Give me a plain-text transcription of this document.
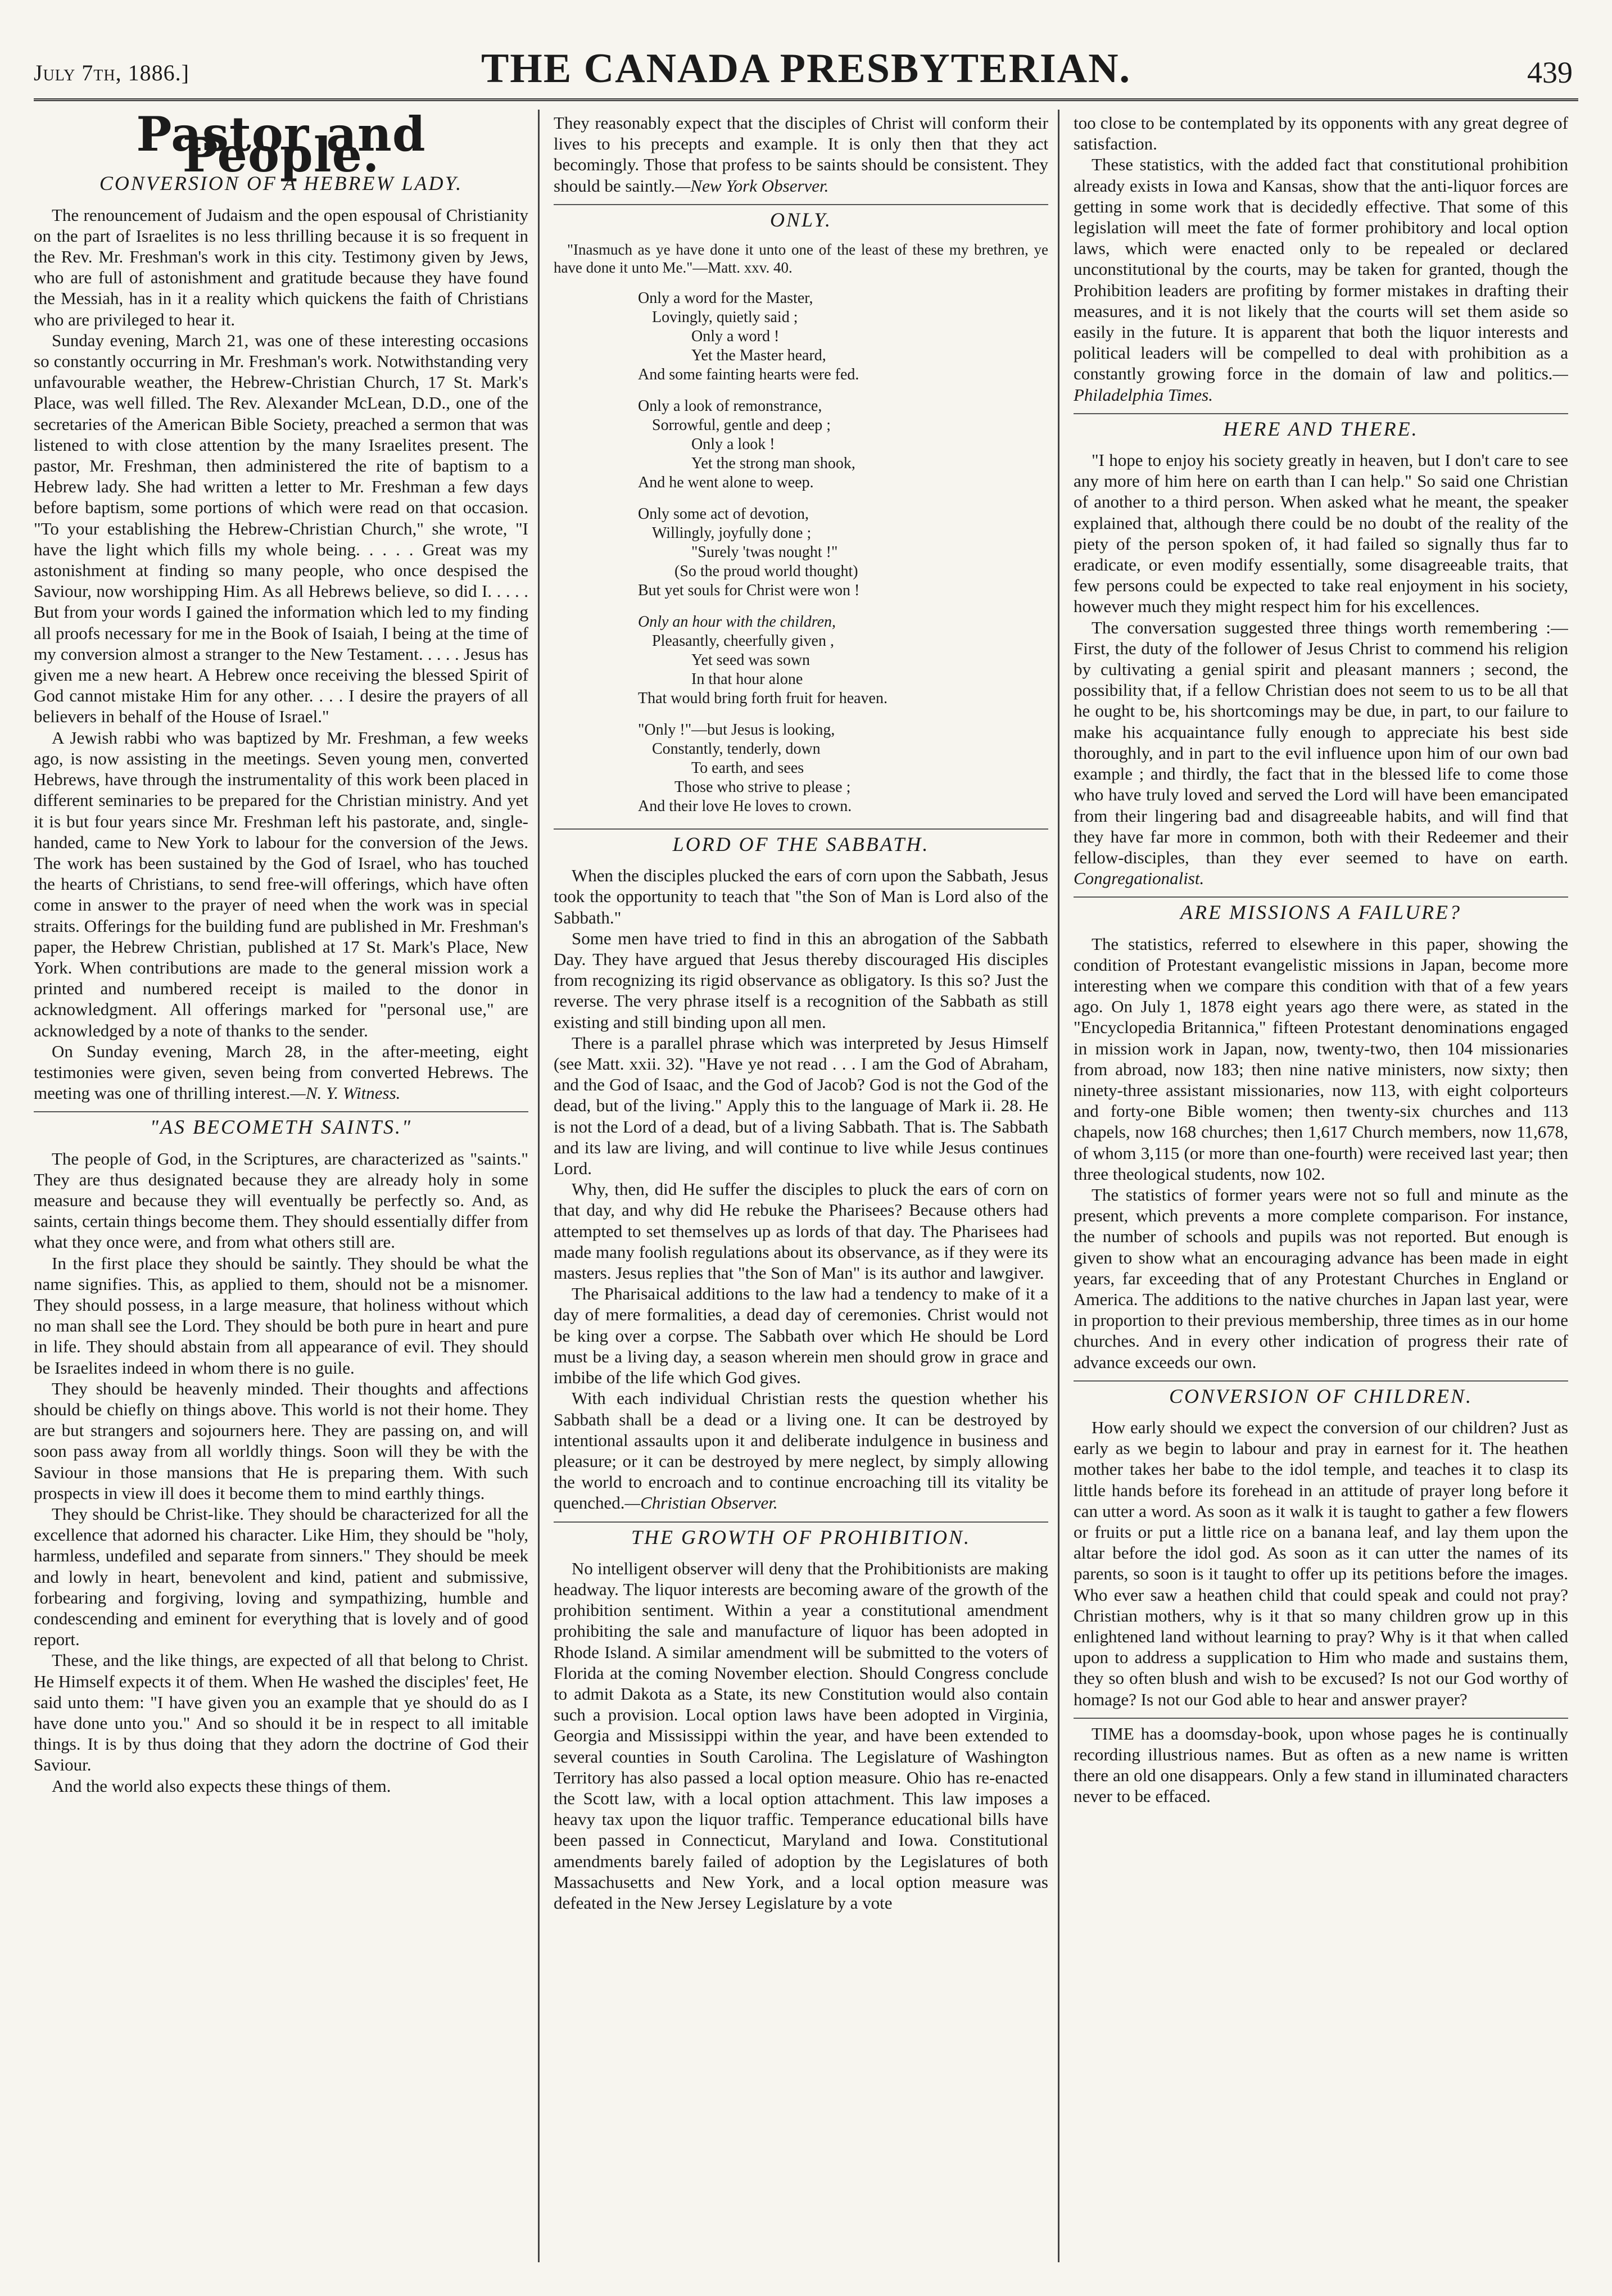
July 7th, 1886.]	THE CANADA PRESBYTERIAN.	439
Pastor and People.
CONVERSION OF A HEBREW LADY.

The renouncement of Judaism and the open espousal of Christianity on the part of Israelites is no less thrilling because it is so frequent in the Rev. Mr. Freshman's work in this city. Testimony given by Jews, who are full of astonishment and gratitude because they have found the Messiah, has in it a reality which quickens the faith of Christians who are privileged to hear it.

Sunday evening, March 21, was one of these interesting occasions so constantly occurring in Mr. Freshman's work. Notwithstanding very unfavourable weather, the Hebrew-Christian Church, 17 St. Mark's Place, was well filled. The Rev. Alexander McLean, D.D., one of the secretaries of the American Bible Society, preached a sermon that was listened to with close attention by the many Israelites present. The pastor, Mr. Freshman, then administered the rite of baptism to a Hebrew lady. She had written a letter to Mr. Freshman a few days before baptism, some portions of which were read on that occasion. "To your establishing the Hebrew-Christian Church," she wrote, "I have the light which fills my whole being. . . . . Great was my astonishment at finding so many people, who once despised the Saviour, now worshipping Him. As all Hebrews believe, so did I. . . . . But from your words I gained the information which led to my finding all proofs necessary for me in the Book of Isaiah, I being at the time of my conversion almost a stranger to the New Testament. . . . . Jesus has given me a new heart. A Hebrew once receiving the blessed Spirit of God cannot mistake Him for any other. . . . I desire the prayers of all believers in behalf of the House of Israel."

A Jewish rabbi who was baptized by Mr. Freshman, a few weeks ago, is now assisting in the meetings. Seven young men, converted Hebrews, have through the instrumentality of this work been placed in different seminaries to be prepared for the Christian ministry. And yet it is but four years since Mr. Freshman left his pastorate, and, single-handed, came to New York to labour for the conversion of the Jews. The work has been sustained by the God of Israel, who has touched the hearts of Christians, to send free-will offerings, which have often come in answer to the prayer of need when the work was in special straits. Offerings for the building fund are published in Mr. Freshman's paper, the Hebrew Christian, published at 17 St. Mark's Place, New York. When contributions are made to the general mission work a printed and numbered receipt is mailed to the donor in acknowledgment. All offerings marked for "personal use," are acknowledged by a note of thanks to the sender.

On Sunday evening, March 28, in the after-meeting, eight testimonies were given, seven being from converted Hebrews. The meeting was one of thrilling interest.—N. Y. Witness.

"AS BECOMETH SAINTS."

The people of God, in the Scriptures, are characterized as "saints." They are thus designated because they are already holy in some measure and because they will eventually be perfectly so. And, as saints, certain things become them. They should essentially differ from what they once were, and from what others still are.

In the first place they should be saintly. They should be what the name signifies. This, as applied to them, should not be a misnomer. They should possess, in a large measure, that holiness without which no man shall see the Lord. They should be both pure in heart and pure in life. They should abstain from all appearance of evil. They should be Israelites indeed in whom there is no guile.

They should be heavenly minded. Their thoughts and affections should be chiefly on things above. This world is not their home. They are but strangers and sojourners here. They are passing on, and will soon pass away from all worldly things. Soon will they be with the Saviour in those mansions that He is preparing them. With such prospects in view ill does it become them to mind earthly things.

They should be Christ-like. They should be characterized for all the excellence that adorned his character. Like Him, they should be "holy, harmless, undefiled and separate from sinners." They should be meek and lowly in heart, benevolent and kind, patient and submissive, forbearing and forgiving, loving and sympathizing, humble and condescending and eminent for everything that is lovely and of good report.

These, and the like things, are expected of all that belong to Christ. He Himself expects it of them. When He washed the disciples' feet, He said unto them: "I have given you an example that ye should do as I have done unto you." And so should it be in respect to all imitable things. It is by thus doing that they adorn the doctrine of God their Saviour.

And the world also expects these things of them.

They reasonably expect that the disciples of Christ will conform their lives to his precepts and example. It is only then that they act becomingly. Those that profess to be saints should be consistent. They should be saintly.—New York Observer.

ONLY.
"Inasmuch as ye have done it unto one of the least of these my brethren, ye have done it unto Me."—Matt. xxv. 40.
Only a word for the Master,
Lovingly, quietly said ;
Only a word !
Yet the Master heard,
And some fainting hearts were fed.
Only a look of remonstrance,
Sorrowful, gentle and deep ;
Only a look !
Yet the strong man shook,
And he went alone to weep.
Only some act of devotion,
Willingly, joyfully done ;
"Surely 'twas nought !"
(So the proud world thought)
But yet souls for Christ were won !
Only an hour with the children,
Pleasantly, cheerfully given ,
Yet seed was sown
In that hour alone
That would bring forth fruit for heaven.
"Only !"—but Jesus is looking,
Constantly, tenderly, down
To earth, and sees
Those who strive to please ;
And their love He loves to crown.
LORD OF THE SABBATH.

When the disciples plucked the ears of corn upon the Sabbath, Jesus took the opportunity to teach that "the Son of Man is Lord also of the Sabbath."

Some men have tried to find in this an abrogation of the Sabbath Day. They have argued that Jesus thereby discouraged His disciples from recognizing its rigid observance as obligatory. Is this so? Just the reverse. The very phrase itself is a recognition of the Sabbath as still existing and still binding upon all men.

There is a parallel phrase which was interpreted by Jesus Himself (see Matt. xxii. 32). "Have ye not read . . . I am the God of Abraham, and the God of Isaac, and the God of Jacob? God is not the God of the dead, but of the living." Apply this to the language of Mark ii. 28. He is not the Lord of a dead, but of a living Sabbath. That is. The Sabbath and its law are living, and will continue to live while Jesus continues Lord.

Why, then, did He suffer the disciples to pluck the ears of corn on that day, and why did He rebuke the Pharisees? Because others had attempted to set themselves up as lords of that day. The Pharisees had made many foolish regulations about its observance, as if they were its masters. Jesus replies that "the Son of Man" is its author and lawgiver.

The Pharisaical additions to the law had a tendency to make of it a day of mere formalities, a dead day of ceremonies. Christ would not be king over a corpse. The Sabbath over which He should be Lord must be a living day, a season wherein men should grow in grace and imbibe of the life which God gives.

With each individual Christian rests the question whether his Sabbath shall be a dead or a living one. It can be destroyed by intentional assaults upon it and deliberate indulgence in business and pleasure; or it can be destroyed by mere neglect, by simply allowing the world to encroach and to continue encroaching till its vitality be quenched.—Christian Observer.

THE GROWTH OF PROHIBITION.

No intelligent observer will deny that the Prohibitionists are making headway. The liquor interests are becoming aware of the growth of the prohibition sentiment. Within a year a constitutional amendment prohibiting the sale and manufacture of liquor has been adopted in Rhode Island. A similar amendment will be submitted to the voters of Florida at the coming November election. Should Congress conclude to admit Dakota as a State, its new Constitution would also contain such a provision. Local option laws have been adopted in Virginia, Georgia and Mississippi within the year, and have been extended to several counties in South Carolina. The Legislature of Washington Territory has also passed a local option measure. Ohio has re-enacted the Scott law, with a local option attachment. This law imposes a heavy tax upon the liquor traffic. Temperance educational bills have been passed in Connecticut, Maryland and Iowa. Constitutional amendments barely failed of adoption by the Legislatures of both Massachusetts and New York, and a local option measure was defeated in the New Jersey Legislature by a vote

too close to be contemplated by its opponents with any great degree of satisfaction.

These statistics, with the added fact that constitutional prohibition already exists in Iowa and Kansas, show that the anti-liquor forces are getting in some work that is decidedly effective. That some of this legislation will meet the fate of former prohibitory and local option laws, which were enacted only to be repealed or declared unconstitutional by the courts, may be taken for granted, though the Prohibition leaders are profiting by former mistakes in drafting their measures, and it is not likely that the courts will set them aside so easily in the future. It is apparent that both the liquor interests and political leaders will be compelled to deal with prohibition as a constantly growing force in the domain of law and politics.—Philadelphia Times.

HERE AND THERE.

"I hope to enjoy his society greatly in heaven, but I don't care to see any more of him here on earth than I can help." So said one Christian of another to a third person. When asked what he meant, the speaker explained that, although there could be no doubt of the reality of the piety of the person spoken of, it had failed so signally thus far to eradicate, or even modify essentially, some disagreeable traits, that few persons could be expected to take real enjoyment in his society, however much they might respect him for his excellences.

The conversation suggested three things worth remembering :—First, the duty of the follower of Jesus Christ to commend his religion by cultivating a genial spirit and pleasant manners ; second, the possibility that, if a fellow Christian does not seem to us to be all that he ought to be, his shortcomings may be due, in part, to our failure to make his acquaintance fully enough to appreciate his best side thoroughly, and in part to the evil influence upon him of our own bad example ; and thirdly, the fact that in the blessed life to come those who have truly loved and served the Lord will have been emancipated from their lingering bad and disagreeable habits, and will find that they have far more in common, both with their Redeemer and their fellow-disciples, than they ever seemed to have on earth. Congregationalist.

ARE MISSIONS A FAILURE?

The statistics, referred to elsewhere in this paper, showing the condition of Protestant evangelistic missions in Japan, become more interesting when we compare this condition with that of a few years ago. On July 1, 1878 eight years ago there were, as stated in the "Encyclopedia Britannica," fifteen Protestant denominations engaged in mission work in Japan, now, twenty-two, then 104 missionaries from abroad, now 183; then nine native ministers, now sixty; then ninety-three assistant missionaries, now 113, with eight colporteurs and forty-one Bible women; then twenty-six churches and 113 chapels, now 168 churches; then 1,617 Church members, now 11,678, of whom 3,115 (or more than one-fourth) were received last year; then three theological students, now 102.

The statistics of former years were not so full and minute as the present, which prevents a more complete comparison. For instance, the number of schools and pupils was not reported. But enough is given to show what an encouraging advance has been made in eight years, far exceeding that of any Protestant Churches in England or America. The additions to the native churches in Japan last year, were in proportion to their previous membership, three times as in our home churches. And in every other indication of progress their rate of advance exceeds our own.

CONVERSION OF CHILDREN.

How early should we expect the conversion of our children? Just as early as we begin to labour and pray in earnest for it. The heathen mother takes her babe to the idol temple, and teaches it to clasp its little hands before its forehead in an attitude of prayer long before it can utter a word. As soon as it walk it is taught to gather a few flowers or fruits or put a little rice on a banana leaf, and lay them upon the altar before the idol god. As soon as it can utter the names of its parents, so soon is it taught to offer up its petitions before the images. Who ever saw a heathen child that could speak and could not pray? Christian mothers, why is it that so many children grow up in this enlightened land without learning to pray? Why is it that when called upon to address a supplication to Him who made and sustains them, they so often blush and wish to be excused? Is not our God worthy of homage? Is not our God able to hear and answer prayer?

TIME has a doomsday-book, upon whose pages he is continually recording illustrious names. But as often as a new name is written there an old one disappears. Only a few stand in illuminated characters never to be effaced.
